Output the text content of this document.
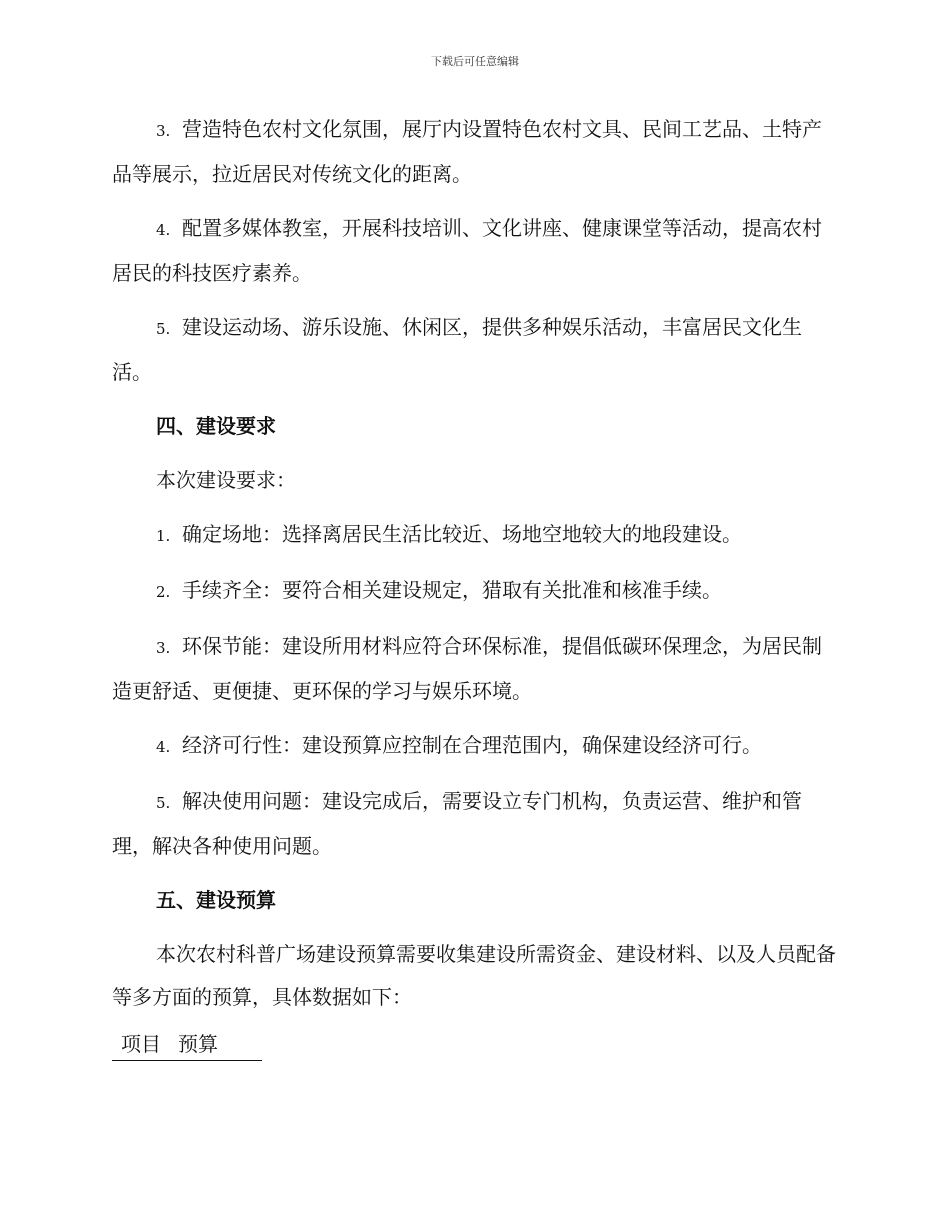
下载后可任意编辑

3. 营造特色农村文化氛围，展厅内设置特色农村文具、民间工艺品、土特产品等展示，拉近居民对传统文化的距离。

4. 配置多媒体教室，开展科技培训、文化讲座、健康课堂等活动，提高农村居民的科技医疗素养。

5. 建设运动场、游乐设施、休闲区，提供多种娱乐活动，丰富居民文化生活。

四、建设要求

本次建设要求：

1. 确定场地：选择离居民生活比较近、场地空地较大的地段建设。

2. 手续齐全：要符合相关建设规定，猎取有关批准和核准手续。

3. 环保节能：建设所用材料应符合环保标准，提倡低碳环保理念，为居民制造更舒适、更便捷、更环保的学习与娱乐环境。

4. 经济可行性：建设预算应控制在合理范围内，确保建设经济可行。

5. 解决使用问题：建设完成后，需要设立专门机构，负责运营、维护和管理，解决各种使用问题。

五、建设预算

本次农村科普广场建设预算需要收集建设所需资金、建设材料、以及人员配备等多方面的预算，具体数据如下：

项目 预算
